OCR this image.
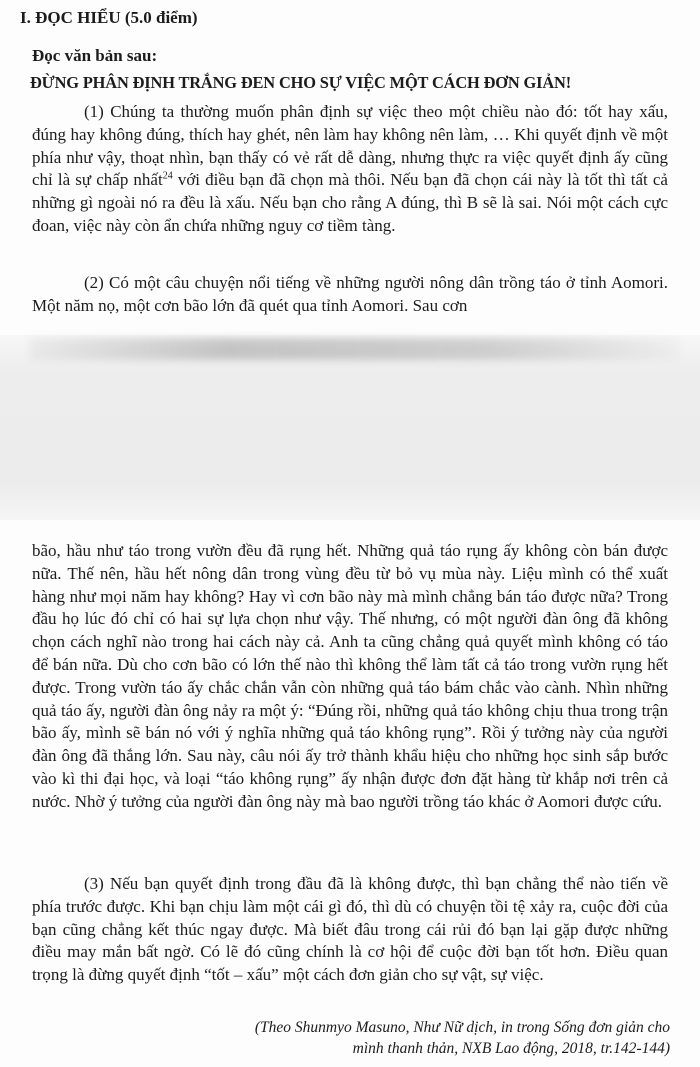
I. ĐỌC HIỂU (5.0 điểm)
Đọc văn bản sau:
ĐỪNG PHÂN ĐỊNH TRẮNG ĐEN CHO SỰ VIỆC MỘT CÁCH ĐƠN GIẢN!

(1) Chúng ta thường muốn phân định sự việc theo một chiều nào đó: tốt hay xấu, đúng hay không đúng, thích hay ghét, nên làm hay không nên làm, … Khi quyết định về một phía như vậy, thoạt nhìn, bạn thấy có vẻ rất dễ dàng, nhưng thực ra việc quyết định ấy cũng chỉ là sự chấp nhất$^{24}$ với điều bạn đã chọn mà thôi. Nếu bạn đã chọn cái này là tốt thì tất cả những gì ngoài nó ra đều là xấu. Nếu bạn cho rằng A đúng, thì B sẽ là sai. Nói một cách cực đoan, việc này còn ẩn chứa những nguy cơ tiềm tàng.

(2) Có một câu chuyện nổi tiếng về những người nông dân trồng táo ở tỉnh Aomori. Một năm nọ, một cơn bão lớn đã quét qua tỉnh Aomori. Sau cơn

bão, hầu như táo trong vườn đều đã rụng hết. Những quả táo rụng ấy không còn bán được nữa. Thế nên, hầu hết nông dân trong vùng đều từ bỏ vụ mùa này. Liệu mình có thể xuất hàng như mọi năm hay không? Hay vì cơn bão này mà mình chẳng bán táo được nữa? Trong đầu họ lúc đó chỉ có hai sự lựa chọn như vậy. Thế nhưng, có một người đàn ông đã không chọn cách nghĩ nào trong hai cách này cả. Anh ta cũng chẳng quả quyết mình không có táo để bán nữa. Dù cho cơn bão có lớn thế nào thì không thể làm tất cả táo trong vườn rụng hết được. Trong vườn táo ấy chắc chắn vẫn còn những quả táo bám chắc vào cành. Nhìn những quả táo ấy, người đàn ông nảy ra một ý: “Đúng rồi, những quả táo không chịu thua trong trận bão ấy, mình sẽ bán nó với ý nghĩa những quả táo không rụng”. Rồi ý tưởng này của người đàn ông đã thắng lớn. Sau này, câu nói ấy trở thành khẩu hiệu cho những học sinh sắp bước vào kì thi đại học, và loại “táo không rụng” ấy nhận được đơn đặt hàng từ khắp nơi trên cả nước. Nhờ ý tưởng của người đàn ông này mà bao người trồng táo khác ở Aomori được cứu.

(3) Nếu bạn quyết định trong đầu đã là không được, thì bạn chẳng thể nào tiến về phía trước được. Khi bạn chịu làm một cái gì đó, thì dù có chuyện tồi tệ xảy ra, cuộc đời của bạn cũng chẳng kết thúc ngay được. Mà biết đâu trong cái rủi đó bạn lại gặp được những điều may mắn bất ngờ. Có lẽ đó cũng chính là cơ hội để cuộc đời bạn tốt hơn. Điều quan trọng là đừng quyết định “tốt – xấu” một cách đơn giản cho sự vật, sự việc.

(Theo Shunmyo Masuno, Như Nữ dịch, in trong Sống đơn giản cho
mình thanh thản, NXB Lao động, 2018, tr.142-144)
